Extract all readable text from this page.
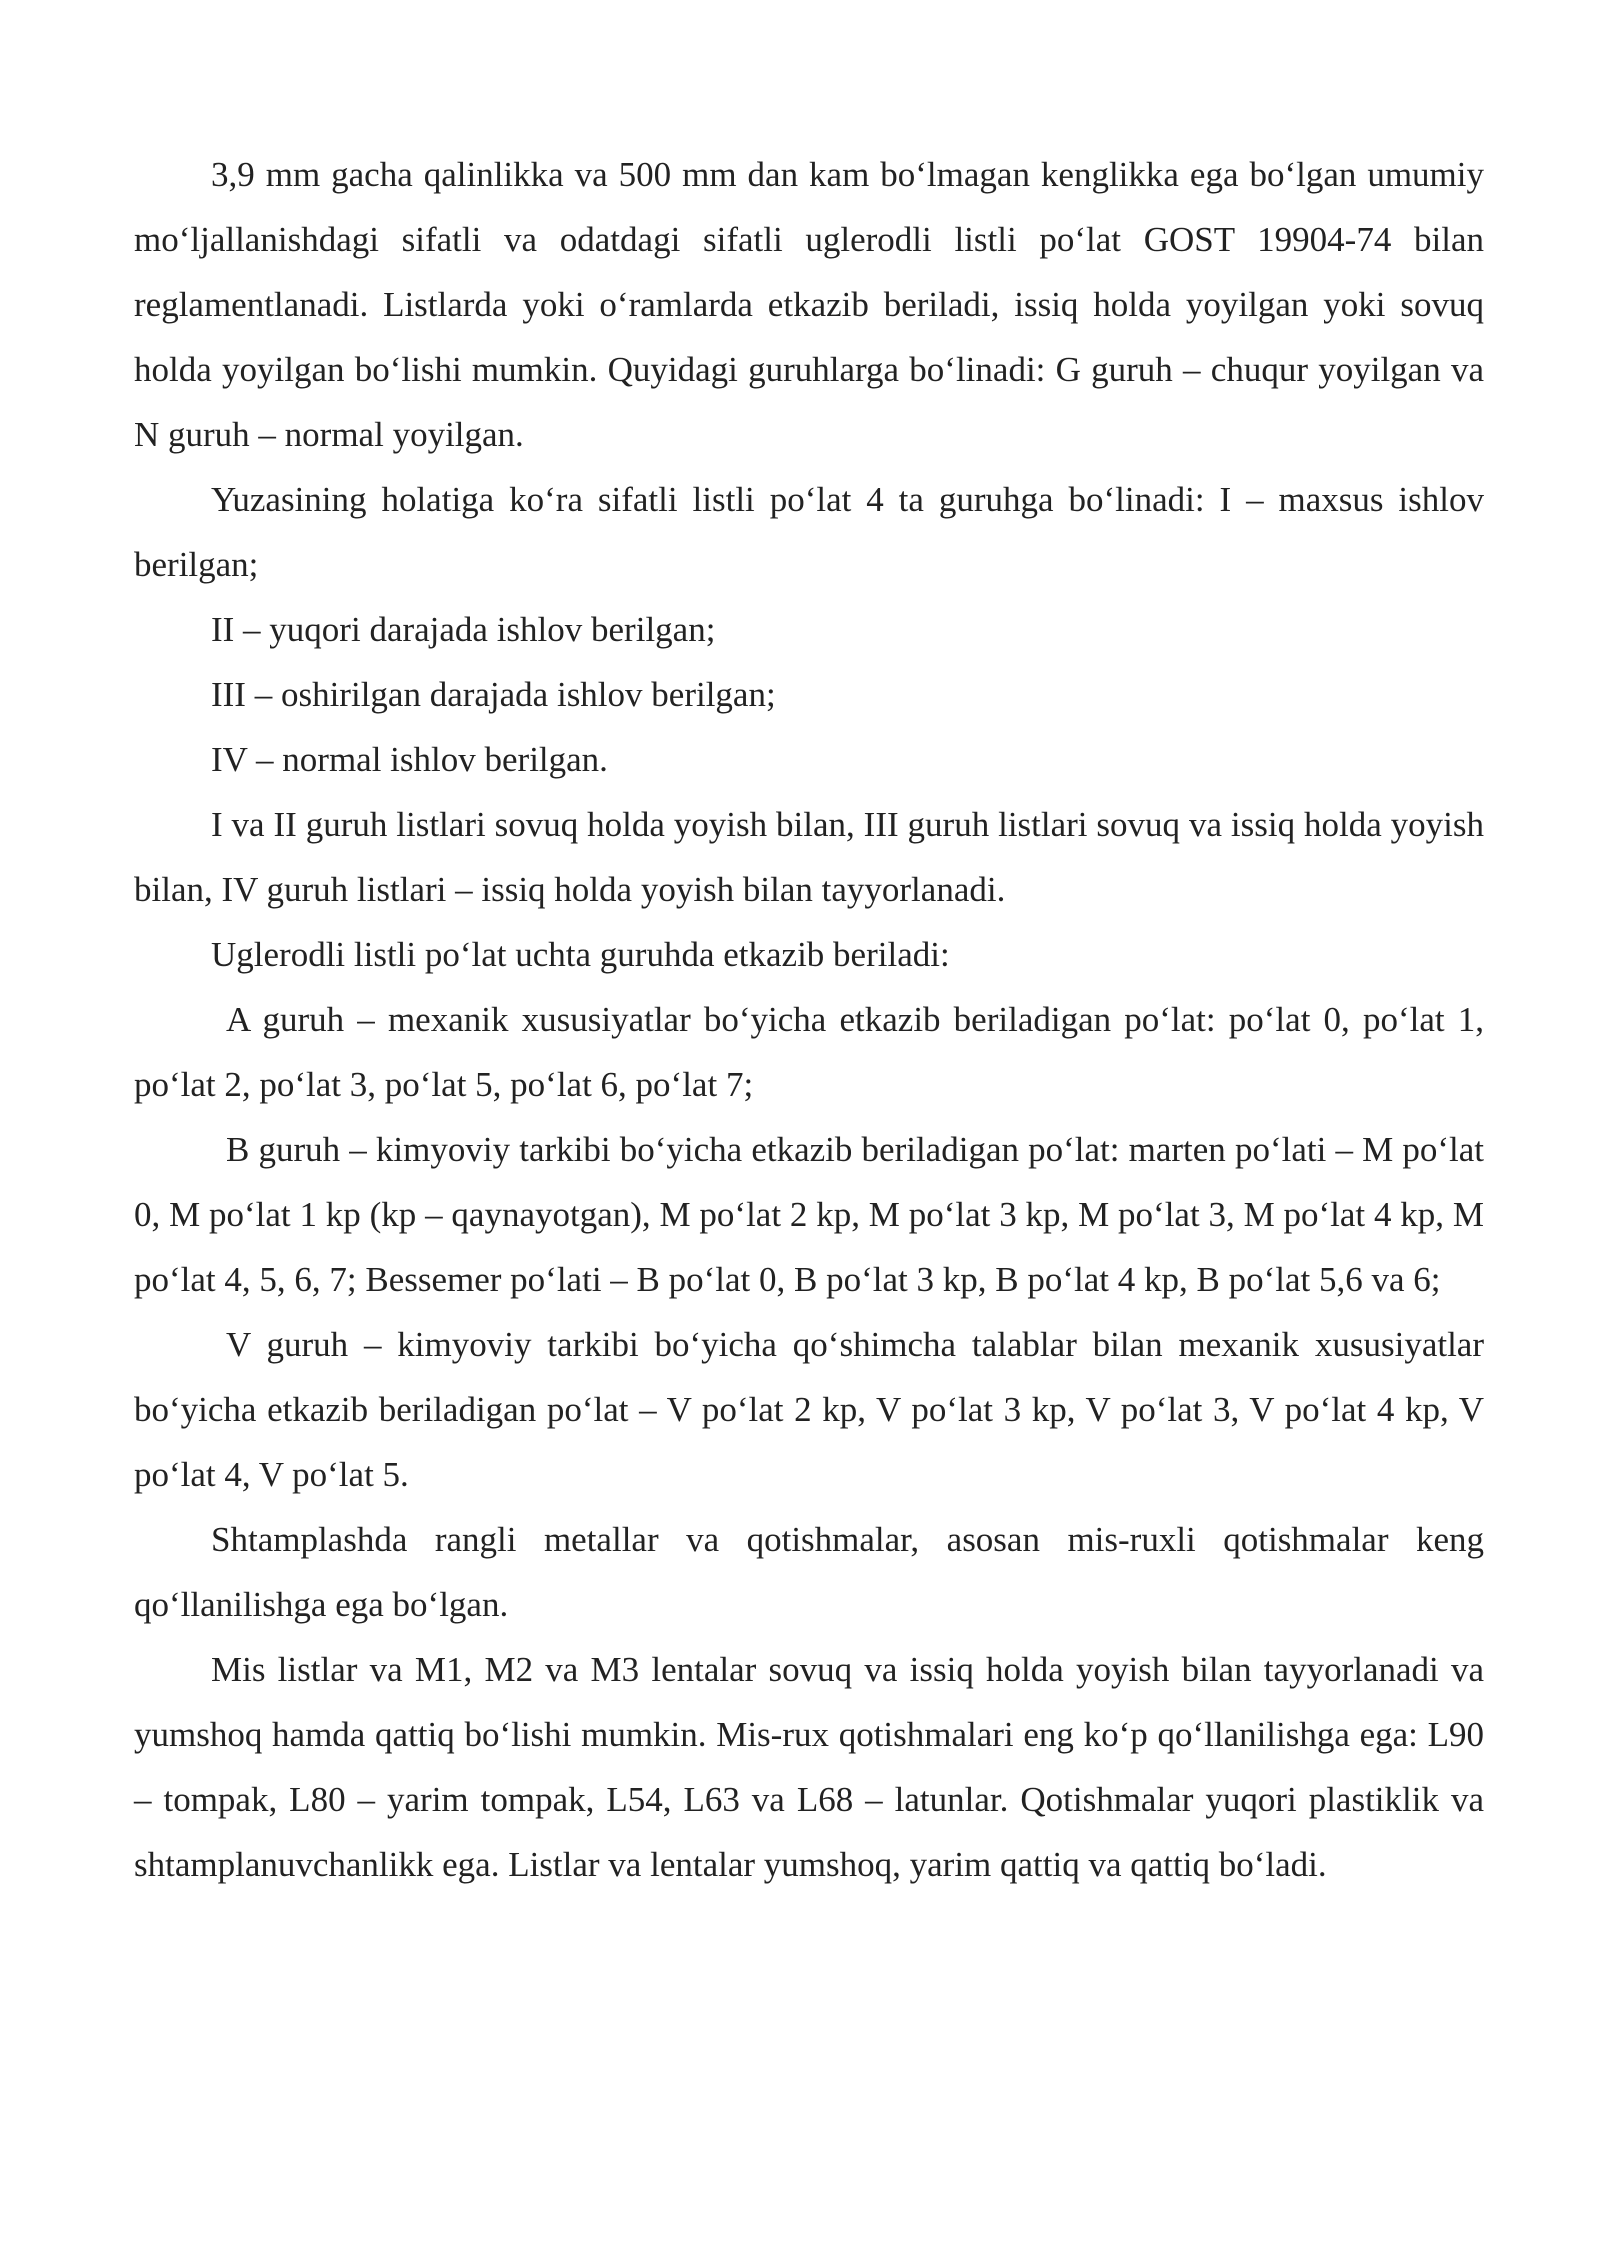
3,9 mm gacha qalinlikka va 500 mm dan kam bo‘lmagan kenglikka ega bo‘lgan umumiy mo‘ljallanishdagi sifatli va odatdagi sifatli uglerodli listli po‘lat GOST 19904-74 bilan reglamentlanadi. Listlarda yoki o‘ramlarda etkazib beriladi, issiq holda yoyilgan yoki sovuq holda yoyilgan bo‘lishi mumkin. Quyidagi guruhlarga bo‘linadi: G guruh – chuqur yoyilgan va N guruh – normal yoyilgan.

Yuzasining holatiga ko‘ra sifatli listli po‘lat 4 ta guruhga bo‘linadi: I – maxsus ishlov berilgan;

II – yuqori darajada ishlov berilgan;

III – oshirilgan darajada ishlov berilgan;

IV – normal ishlov berilgan.

I va II guruh listlari sovuq holda yoyish bilan, III guruh listlari sovuq va issiq holda yoyish bilan, IV guruh listlari – issiq holda yoyish bilan tayyorlanadi.

Uglerodli listli po‘lat uchta guruhda etkazib beriladi:

A guruh – mexanik xususiyatlar bo‘yicha etkazib beriladigan po‘lat: po‘lat 0, po‘lat 1, po‘lat 2, po‘lat 3, po‘lat 5, po‘lat 6, po‘lat 7;

B guruh – kimyoviy tarkibi bo‘yicha etkazib beriladigan po‘lat: marten po‘lati – M po‘lat 0, M po‘lat 1 kp (kp – qaynayotgan), M po‘lat 2 kp, M po‘lat 3 kp, M po‘lat 3, M po‘lat 4 kp, M po‘lat 4, 5, 6, 7; Bessemer po‘lati – B po‘lat 0, B po‘lat 3 kp, B po‘lat 4 kp, B po‘lat 5,6 va 6;

V guruh – kimyoviy tarkibi bo‘yicha qo‘shimcha talablar bilan mexanik xususiyatlar bo‘yicha etkazib beriladigan po‘lat – V po‘lat 2 kp, V po‘lat 3 kp, V po‘lat 3, V po‘lat 4 kp, V po‘lat 4, V po‘lat 5.

Shtamplashda rangli metallar va qotishmalar, asosan mis-ruxli qotishmalar keng qo‘llanilishga ega bo‘lgan.

Mis listlar va M1, M2 va M3 lentalar sovuq va issiq holda yoyish bilan tayyorlanadi va yumshoq hamda qattiq bo‘lishi mumkin. Mis-rux qotishmalari eng ko‘p qo‘llanilishga ega: L90 – tompak, L80 – yarim tompak, L54, L63 va L68 – latunlar. Qotishmalar yuqori plastiklik va shtamplanuvchanlikk ega. Listlar va lentalar yumshoq, yarim qattiq va qattiq bo‘ladi.
